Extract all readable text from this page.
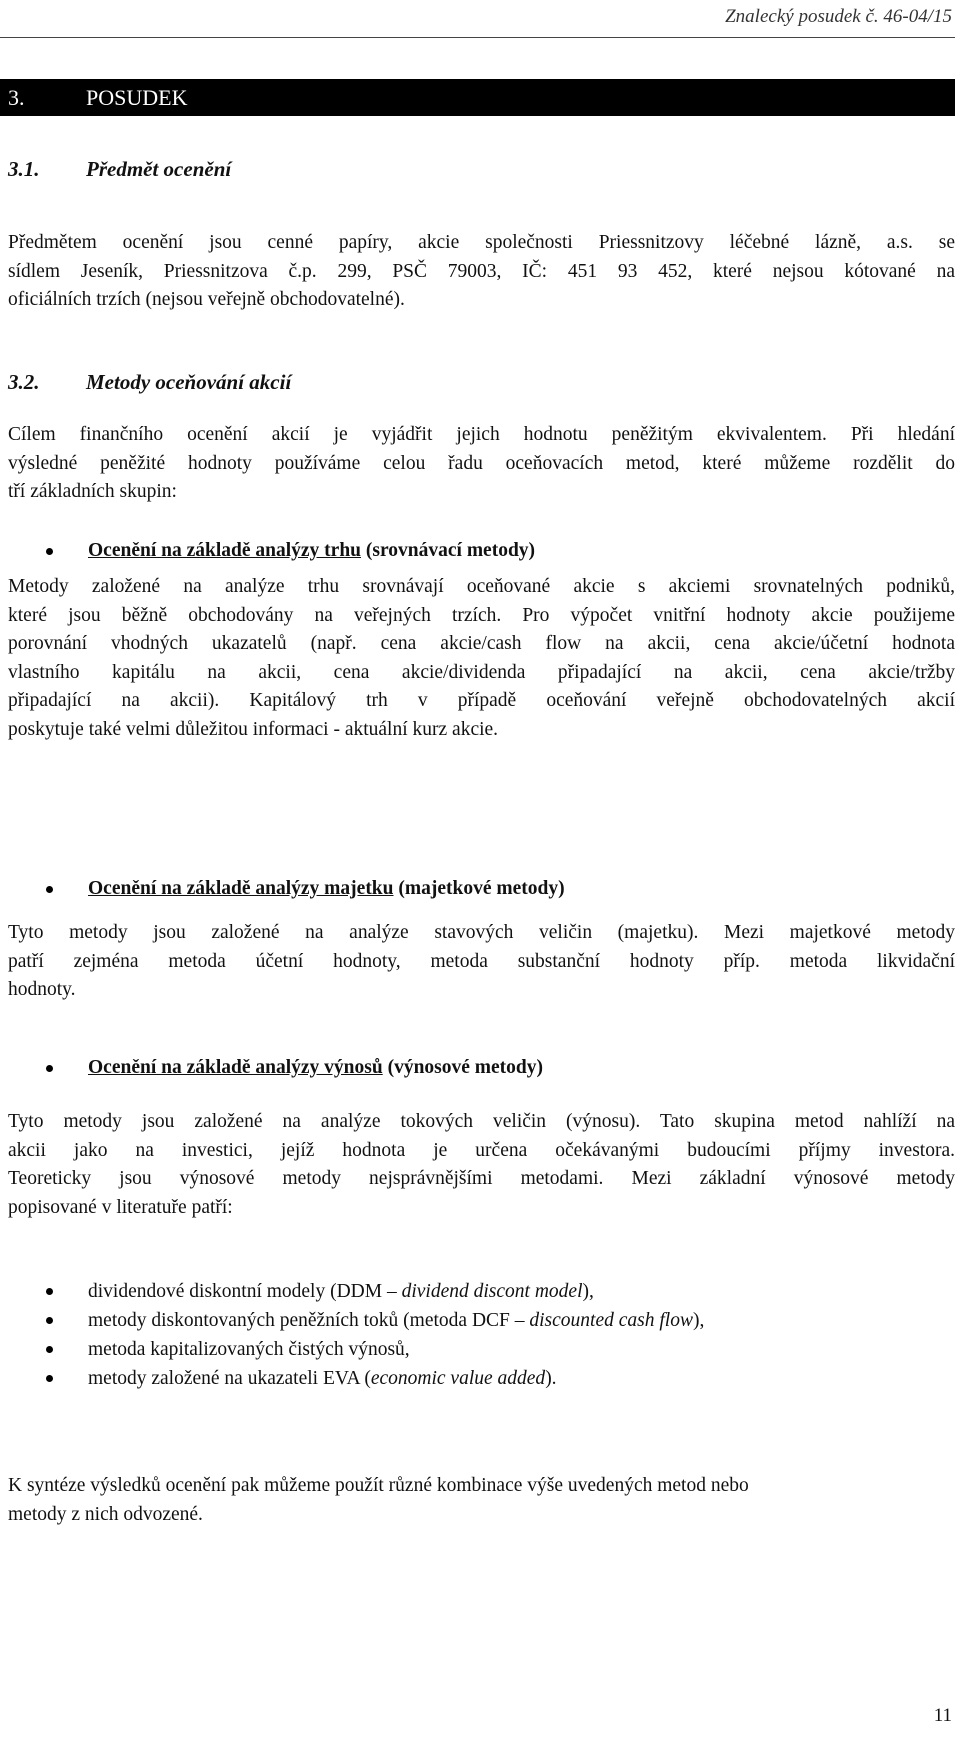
Znalecký posudek č. 46-04/15
3.	POSUDEK
3.1. Předmět ocenění
Předmětem ocenění jsou cenné papíry, akcie společnosti Priessnitzovy léčebné lázně, a.s. se
sídlem Jeseník, Priessnitzova č.p. 299, PSČ 79003, IČ: 451 93 452, které nejsou kótované na
oficiálních trzích (nejsou veřejně obchodovatelné).
3.2. Metody oceňování akcií
Cílem finančního ocenění akcií je vyjádřit jejich hodnotu peněžitým ekvivalentem. Při hledání
výsledné peněžité hodnoty používáme celou řadu oceňovacích metod, které můžeme rozdělit do
tří základních skupin:
Ocenění na základě analýzy trhu (srovnávací metody)
Metody založené na analýze trhu srovnávají oceňované akcie s akciemi srovnatelných podniků,
které jsou běžně obchodovány na veřejných trzích. Pro výpočet vnitřní hodnoty akcie použijeme
porovnání vhodných ukazatelů (např. cena akcie/cash flow na akcii, cena akcie/účetní hodnota
vlastního kapitálu na akcii, cena akcie/dividenda připadající na akcii, cena akcie/tržby
připadající na akcii). Kapitálový trh v případě oceňování veřejně obchodovatelných akcií
poskytuje také velmi důležitou informaci - aktuální kurz akcie.
Ocenění na základě analýzy majetku (majetkové metody)
Tyto metody jsou založené na analýze stavových veličin (majetku). Mezi majetkové metody
patří zejména metoda účetní hodnoty, metoda substanční hodnoty příp. metoda likvidační
hodnoty.
Ocenění na základě analýzy výnosů (výnosové metody)
Tyto metody jsou založené na analýze tokových veličin (výnosu). Tato skupina metod nahlíží na
akcii jako na investici, jejíž hodnota je určena očekávanými budoucími příjmy investora.
Teoreticky jsou výnosové metody nejsprávnějšími metodami. Mezi základní výnosové metody
popisované v literatuře patří:
dividendové diskontní modely (DDM – dividend discont model),
metody diskontovaných peněžních toků (metoda DCF – discounted cash flow),
metoda kapitalizovaných čistých výnosů,
metody založené na ukazateli EVA (economic value added).
K syntéze výsledků ocenění pak můžeme použít různé kombinace výše uvedených metod nebo
metody z nich odvozené.
11
